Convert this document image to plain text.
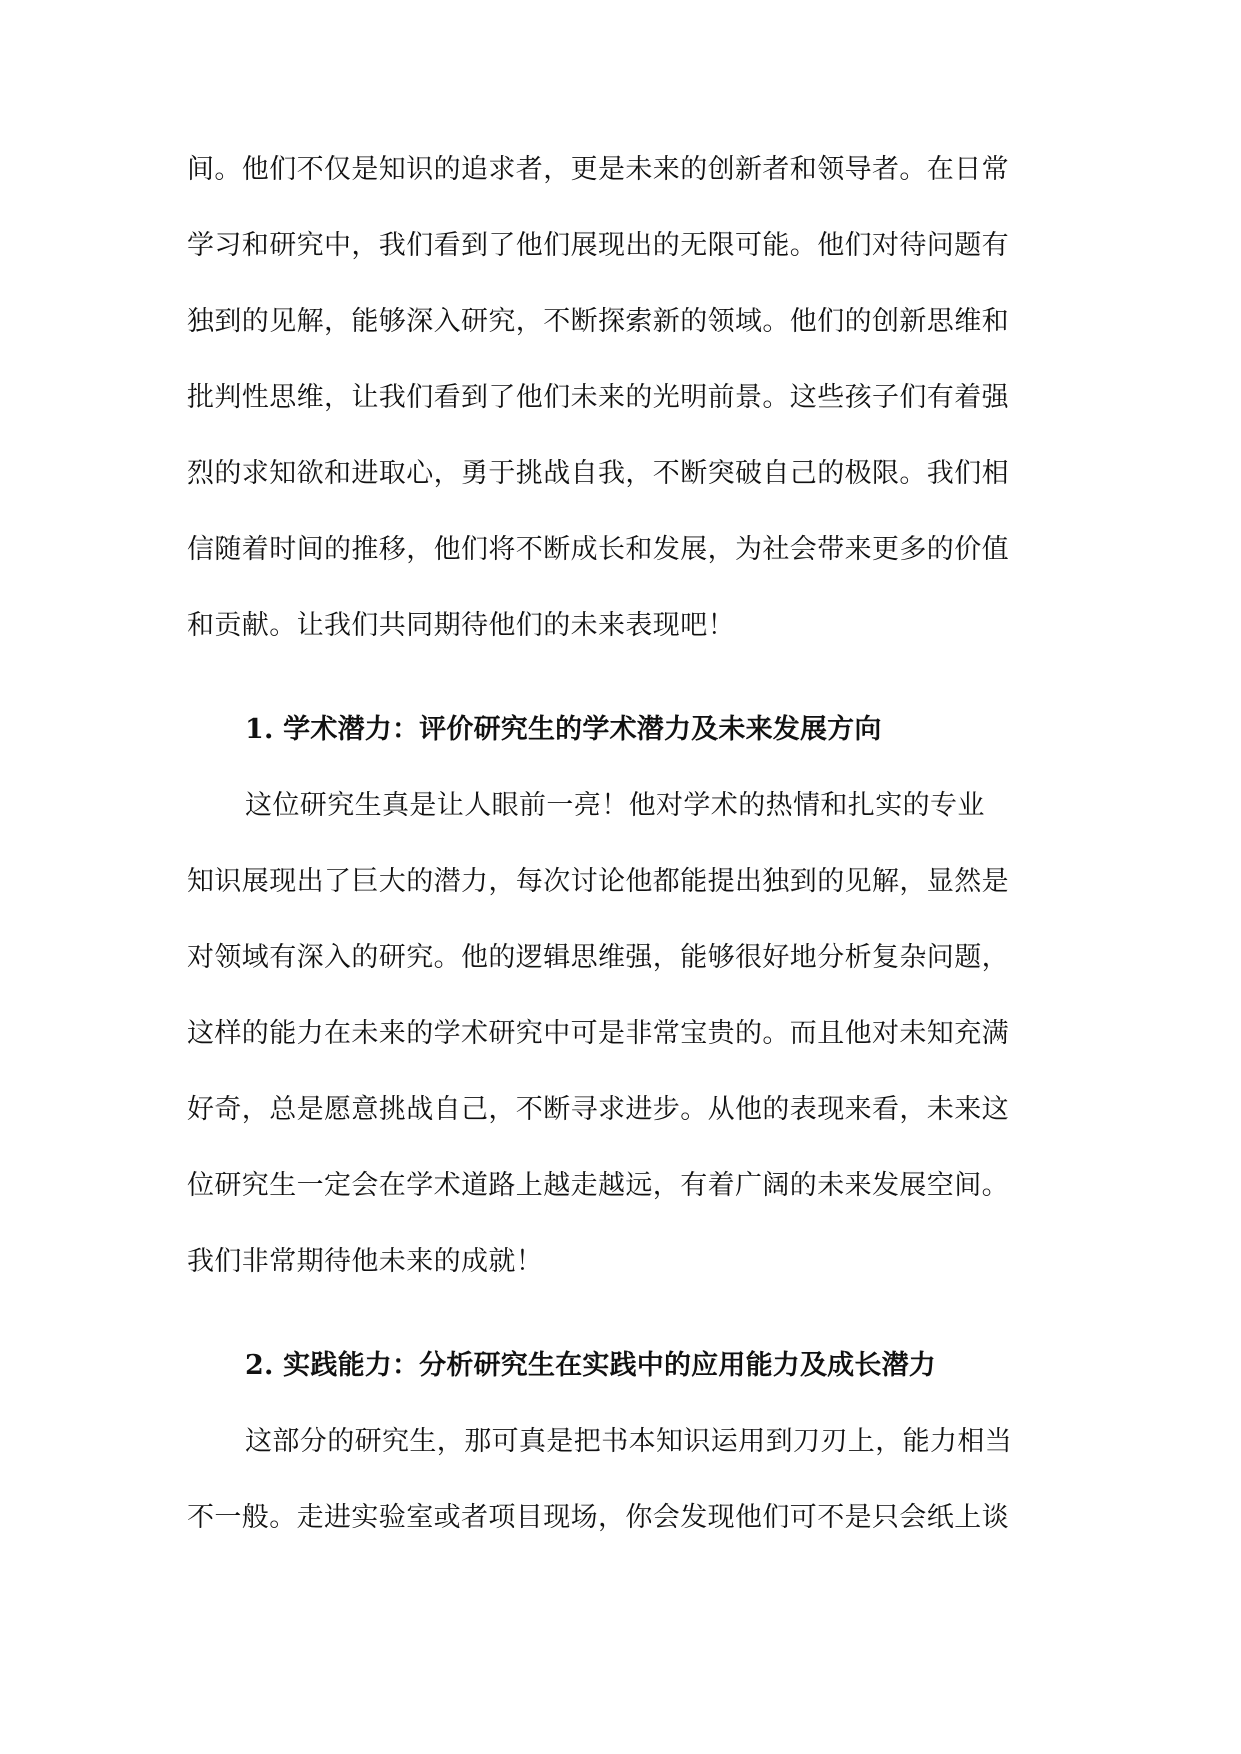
间。他们不仅是知识的追求者，更是未来的创新者和领导者。在日常
学习和研究中，我们看到了他们展现出的无限可能。他们对待问题有
独到的见解，能够深入研究，不断探索新的领域。他们的创新思维和
批判性思维，让我们看到了他们未来的光明前景。这些孩子们有着强
烈的求知欲和进取心，勇于挑战自我，不断突破自己的极限。我们相
信随着时间的推移，他们将不断成长和发展，为社会带来更多的价值
和贡献。让我们共同期待他们的未来表现吧！
1. 学术潜力：评价研究生的学术潜力及未来发展方向
这位研究生真是让人眼前一亮！他对学术的热情和扎实的专业
知识展现出了巨大的潜力，每次讨论他都能提出独到的见解，显然是
对领域有深入的研究。他的逻辑思维强，能够很好地分析复杂问题，
这样的能力在未来的学术研究中可是非常宝贵的。而且他对未知充满
好奇，总是愿意挑战自己，不断寻求进步。从他的表现来看，未来这
位研究生一定会在学术道路上越走越远，有着广阔的未来发展空间。
我们非常期待他未来的成就！
2. 实践能力：分析研究生在实践中的应用能力及成长潜力
这部分的研究生，那可真是把书本知识运用到刀刃上，能力相当
不一般。走进实验室或者项目现场，你会发现他们可不是只会纸上谈
